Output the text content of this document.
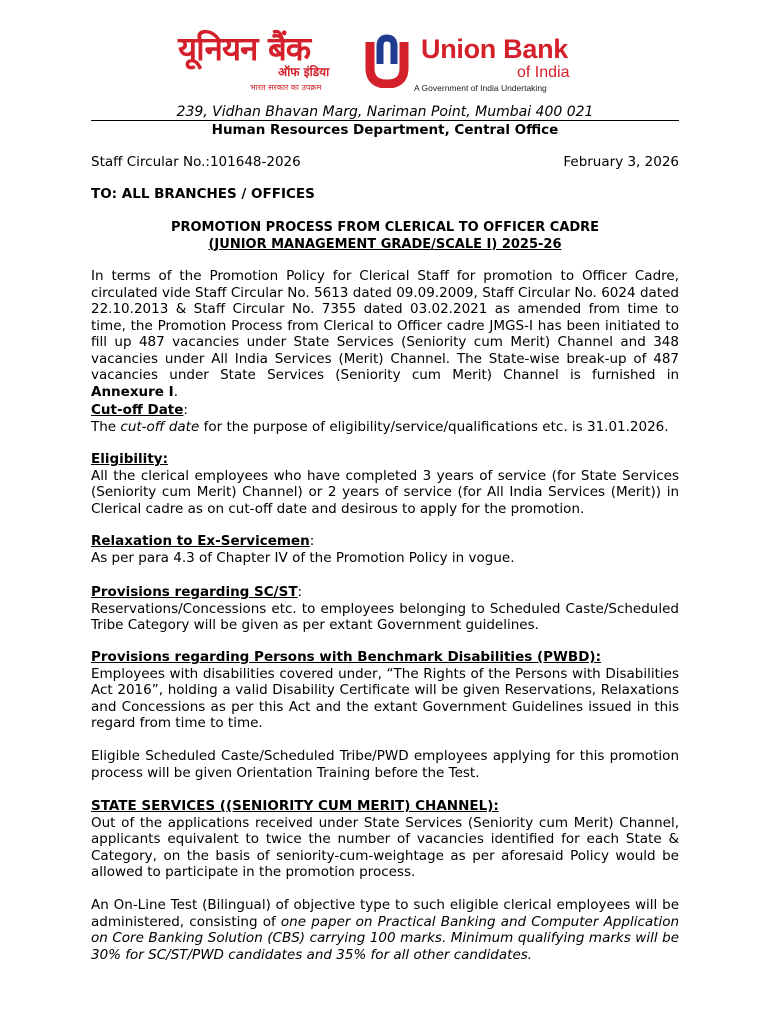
यूनियन बैंक
ऑफ इंडिया
भारत सरकार का उपक्रम
Union Bank
of India
A Government of India Undertaking
239, Vidhan Bhavan Marg, Nariman Point, Mumbai 400 021
Human Resources Department, Central Office
Staff Circular No.:101648-2026	February 3, 2026
TO: ALL BRANCHES / OFFICES
PROMOTION PROCESS FROM CLERICAL TO OFFICER CADRE
(JUNIOR MANAGEMENT GRADE/SCALE I) 2025-26

In terms of the Promotion Policy for Clerical Staff for promotion to Officer Cadre, circulated vide Staff Circular No. 5613 dated 09.09.2009, Staff Circular No. 6024 dated 22.10.2013 & Staff Circular No. 7355 dated 03.02.2021 as amended from time to time, the Promotion Process from Clerical to Officer cadre JMGS-I has been initiated to fill up 487 vacancies under State Services (Seniority cum Merit) Channel and 348 vacancies under All India Services (Merit) Channel. The State-wise break-up of 487 vacancies under State Services (Seniority cum Merit) Channel is furnished in Annexure I.

Cut-off Date:

The cut-off date for the purpose of eligibility/service/qualifications etc. is 31.01.2026.

Eligibility:

All the clerical employees who have completed 3 years of service (for State Services (Seniority cum Merit) Channel) or 2 years of service (for All India Services (Merit)) in Clerical cadre as on cut-off date and desirous to apply for the promotion.

Relaxation to Ex-Servicemen:

As per para 4.3 of Chapter IV of the Promotion Policy in vogue.

Provisions regarding SC/ST:

Reservations/Concessions etc. to employees belonging to Scheduled Caste/Scheduled Tribe Category will be given as per extant Government guidelines.

Provisions regarding Persons with Benchmark Disabilities (PWBD):

Employees with disabilities covered under, “The Rights of the Persons with Disabilities Act 2016”, holding a valid Disability Certificate will be given Reservations, Relaxations and Concessions as per this Act and the extant Government Guidelines issued in this regard from time to time.

Eligible Scheduled Caste/Scheduled Tribe/PWD employees applying for this promotion process will be given Orientation Training before the Test.

STATE SERVICES ((SENIORITY CUM MERIT) CHANNEL):

Out of the applications received under State Services (Seniority cum Merit) Channel, applicants equivalent to twice the number of vacancies identified for each State & Category, on the basis of seniority-cum-weightage as per aforesaid Policy would be allowed to participate in the promotion process.

An On-Line Test (Bilingual) of objective type to such eligible clerical employees will be administered, consisting of one paper on Practical Banking and Computer Application on Core Banking Solution (CBS) carrying 100 marks. Minimum qualifying marks will be 30% for SC/ST/PWD candidates and 35% for all other candidates.
